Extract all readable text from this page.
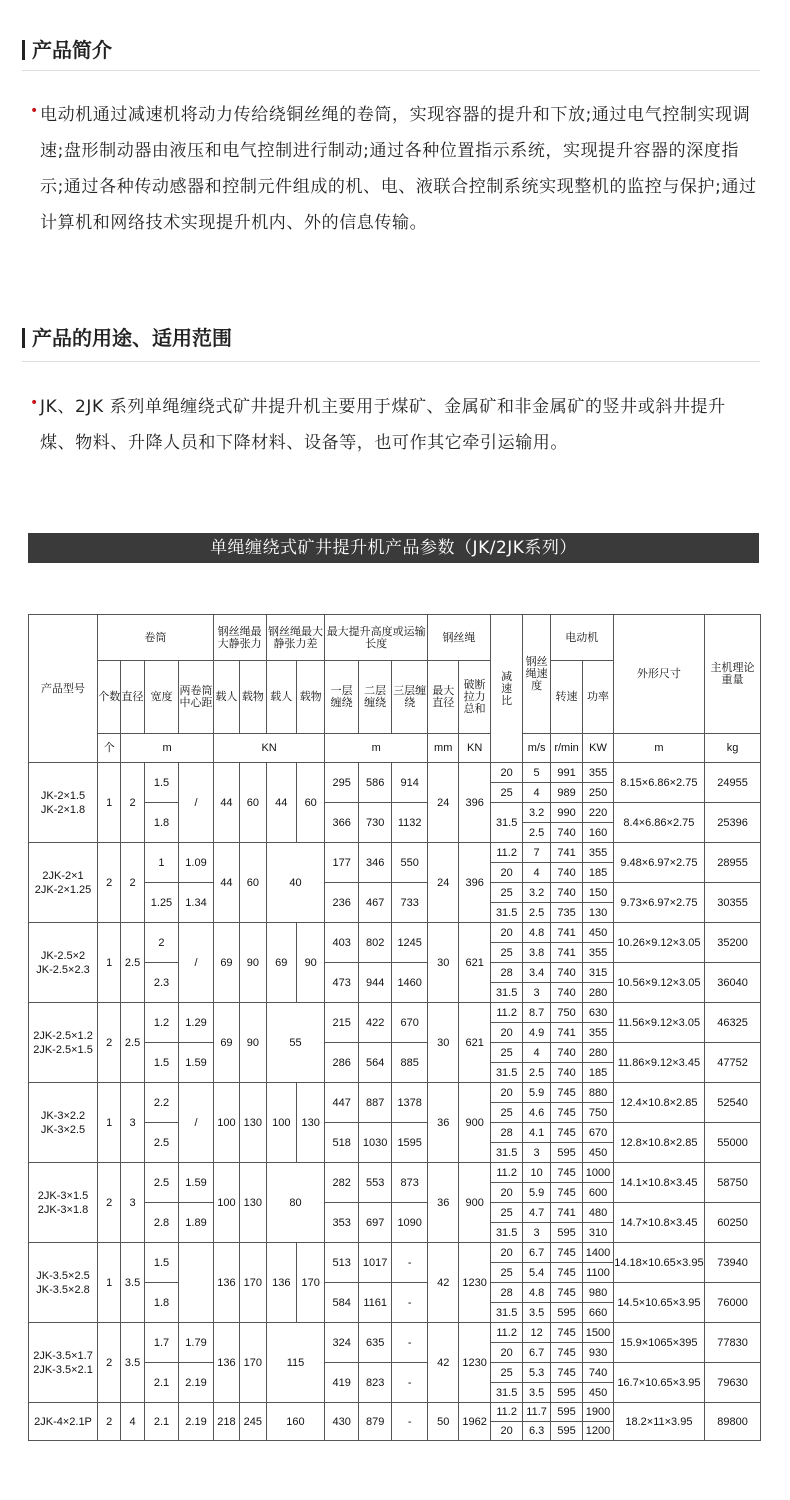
产品简介
• 电动机通过减速机将动力传给绕铜丝绳的卷筒，实现容器的提升和下放;通过电气控制实现调速;盘形制动器由液压和电气控制进行制动;通过各种位置指示系统，实现提升容器的深度指示;通过各种传动感器和控制元件组成的机、电、液联合控制系统实现整机的监控与保护;通过计算机和网络技术实现提升机内、外的信息传输。
产品的用途、适用范围
• JK、2JK 系列单绳缠绕式矿井提升机主要用于煤矿、金属矿和非金属矿的竖井或斜井提升煤、物料、升降人员和下降材料、设备等，也可作其它牵引运输用。
单绳缠绕式矿井提升机产品参数（JK/2JK系列）
产品型号	卷筒				钢丝绳最大静张力		钢丝绳最大静张力差		最大提升高度或运输长度			钢丝绳		减速比	钢丝绳速度	电动机		外形尺寸	主机理论重量
	个数	直径	宽度	两卷筒中心距	载人	载物	载人	载物	一层缠绕	二层缠绕	三层缠绕	最大直径	破断拉力总和			转速	功率		
	个	m			KN				m			mm	KN		m/s	r/min	KW	m	kg
JK-2×1.5
JK-2×1.8	1	2	1.5	/	44	60	44	60	295	586	914	24	396	20	5	991	355	8.15×6.86×2.75	24955
														25	4	989	250		
			1.8						366	730	1132			31.5	3.2	990	220	8.4×6.86×2.75	25396
															2.5	740	160		
2JK-2×1
2JK-2×1.25	2	2	1	1.09	44	60	40		177	346	550	24	396	11.2	7	741	355	9.48×6.97×2.75	28955
														20	4	740	185		
			1.25	1.34					236	467	733			25	3.2	740	150	9.73×6.97×2.75	30355
														31.5	2.5	735	130		
JK-2.5×2
JK-2.5×2.3	1	2.5	2	/	69	90	69	90	403	802	1245	30	621	20	4.8	741	450	10.26×9.12×3.05	35200
														25	3.8	741	355		
			2.3						473	944	1460			28	3.4	740	315	10.56×9.12×3.05	36040
														31.5	3	740	280		
2JK-2.5×1.2
2JK-2.5×1.5	2	2.5	1.2	1.29	69	90	55		215	422	670	30	621	11.2	8.7	750	630	11.56×9.12×3.05	46325
														20	4.9	741	355		
			1.5	1.59					286	564	885			25	4	740	280	11.86×9.12×3.45	47752
														31.5	2.5	740	185		
JK-3×2.2
JK-3×2.5	1	3	2.2	/	100	130	100	130	447	887	1378	36	900	20	5.9	745	880	12.4×10.8×2.85	52540
														25	4.6	745	750		
			2.5						518	1030	1595			28	4.1	745	670	12.8×10.8×2.85	55000
														31.5	3	595	450		
2JK-3×1.5
2JK-3×1.8	2	3	2.5	1.59	100	130	80		282	553	873	36	900	11.2	10	745	1000	14.1×10.8×3.45	58750
														20	5.9	745	600		
			2.8	1.89					353	697	1090			25	4.7	741	480	14.7×10.8×3.45	60250
														31.5	3	595	310		
JK-3.5×2.5
JK-3.5×2.8	1	3.5	1.5		136	170	136	170	513	1017	-	42	1230	20	6.7	745	1400	14.18×10.65×3.95	73940
														25	5.4	745	1100		
			1.8						584	1161	-			28	4.8	745	980	14.5×10.65×3.95	76000
														31.5	3.5	595	660		
2JK-3.5×1.7
2JK-3.5×2.1	2	3.5	1.7	1.79	136	170	115		324	635	-	42	1230	11.2	12	745	1500	15.9×1065×395	77830
														20	6.7	745	930		
			2.1	2.19					419	823	-			25	5.3	745	740	16.7×10.65×3.95	79630
														31.5	3.5	595	450		
2JK-4×2.1P	2	4	2.1	2.19	218	245	160		430	879	-	50	1962	11.2	11.7	595	1900	18.2×11×3.95	89800
														20	6.3	595	1200		
